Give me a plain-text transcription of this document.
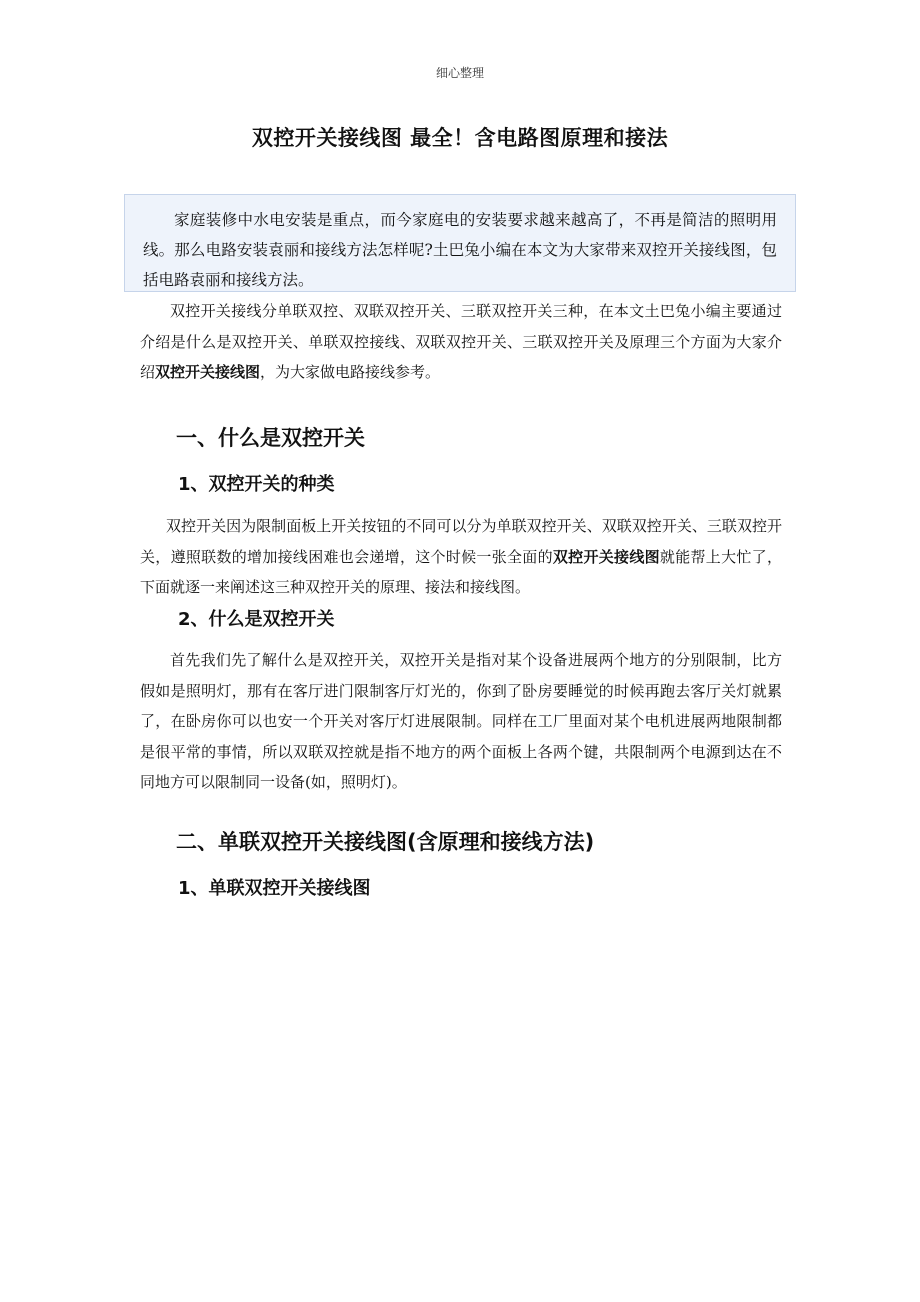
细心整理
双控开关接线图 最全！含电路图原理和接法
家庭装修中水电安装是重点，而今家庭电的安装要求越来越高了，不再是简洁的照明用线。那么电路安装袁丽和接线方法怎样呢?土巴兔小编在本文为大家带来双控开关接线图，包括电路袁丽和接线方法。
双控开关接线分单联双控、双联双控开关、三联双控开关三种，在本文土巴兔小编主要通过介绍是什么是双控开关、单联双控接线、双联双控开关、三联双控开关及原理三个方面为大家介绍双控开关接线图，为大家做电路接线参考。
一、什么是双控开关
1、双控开关的种类
双控开关因为限制面板上开关按钮的不同可以分为单联双控开关、双联双控开关、三联双控开关，遵照联数的增加接线困难也会递增，这个时候一张全面的双控开关接线图就能帮上大忙了，下面就逐一来阐述这三种双控开关的原理、接法和接线图。
2、什么是双控开关
首先我们先了解什么是双控开关，双控开关是指对某个设备进展两个地方的分别限制，比方假如是照明灯，那有在客厅进门限制客厅灯光的，你到了卧房要睡觉的时候再跑去客厅关灯就累了，在卧房你可以也安一个开关对客厅灯进展限制。同样在工厂里面对某个电机进展两地限制都是很平常的事情，所以双联双控就是指不地方的两个面板上各两个键，共限制两个电源到达在不同地方可以限制同一设备(如，照明灯)。
二、单联双控开关接线图(含原理和接线方法)
1、单联双控开关接线图
